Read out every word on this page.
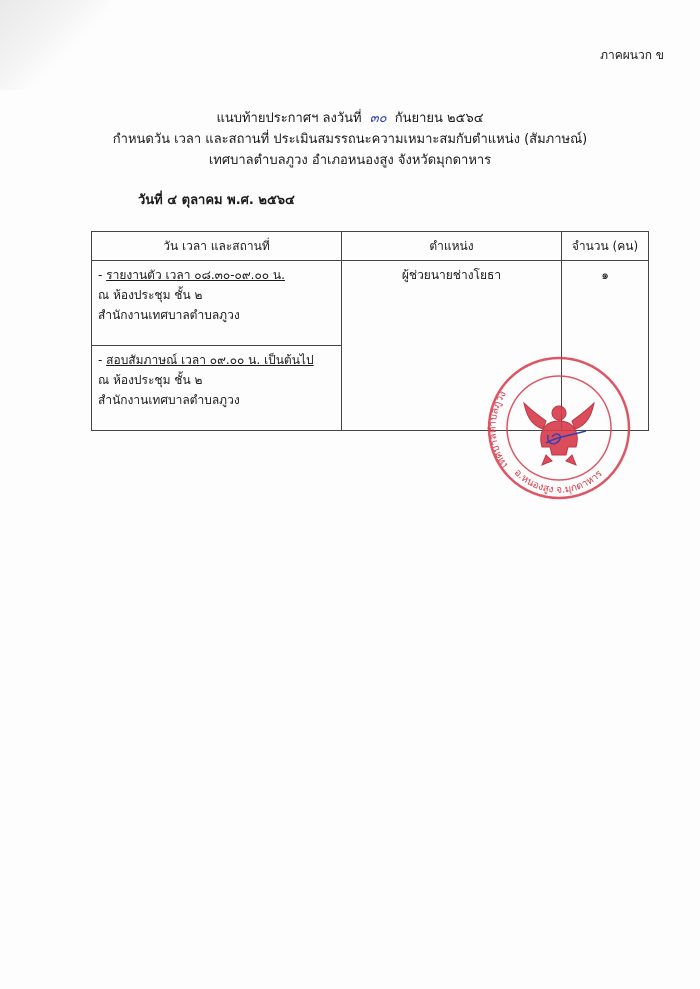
ภาคผนวก ข
แนบท้ายประกาศฯ ลงวันที่ ๓๐ กันยายน ๒๕๖๔
กำหนดวัน เวลา และสถานที่ ประเมินสมรรถนะความเหมาะสมกับตำแหน่ง (สัมภาษณ์)
เทศบาลตำบลภูวง อำเภอหนองสูง จังหวัดมุกดาหาร
วันที่ ๔ ตุลาคม พ.ศ. ๒๕๖๔
วัน เวลา และสถานที่	ตำแหน่ง	จำนวน (คน)

- รายงานตัว เวลา ๐๘.๓๐-๐๙.๐๐ น.
ณ ห้องประชุม ชั้น ๒
สำนักงานเทศบาลตำบลภูวง	ผู้ช่วยนายช่างโยธา	๑

- สอบสัมภาษณ์ เวลา ๐๙.๐๐ น. เป็นต้นไป
ณ ห้องประชุม ชั้น ๒
สำนักงานเทศบาลตำบลภูวง		
เทศบาลตำบลภูวง
อ.หนองสูง จ.มุกดาหาร
